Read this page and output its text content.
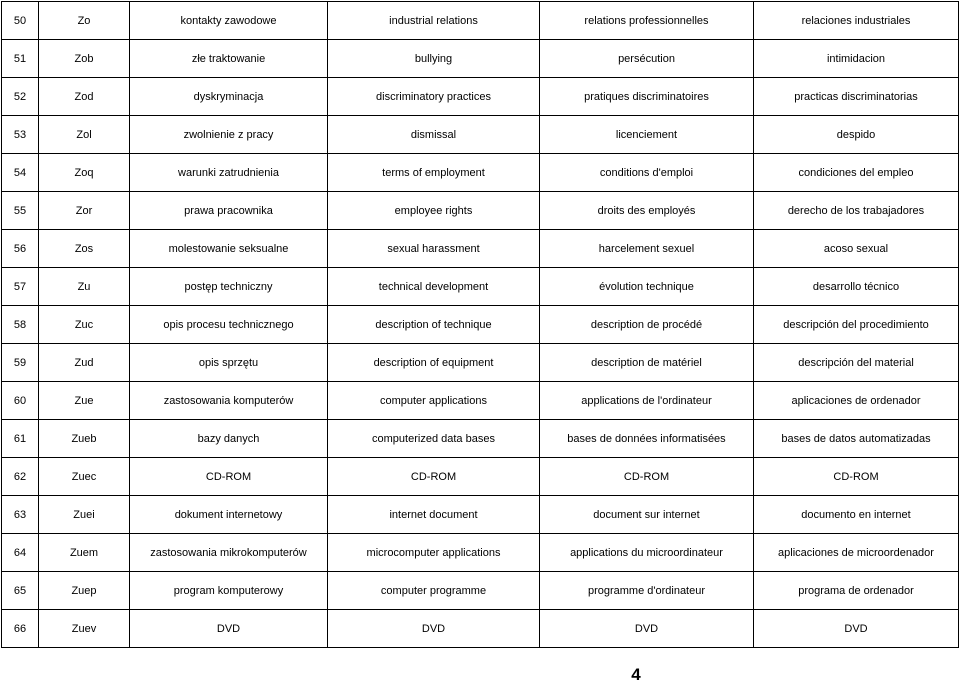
50	Zo	kontakty zawodowe	industrial relations	relations professionnelles	relaciones industriales
51	Zob	złe traktowanie	bullying	persécution	intimidacion
52	Zod	dyskryminacja	discriminatory practices	pratiques discriminatoires	practicas discriminatorias
53	Zol	zwolnienie z pracy	dismissal	licenciement	despido
54	Zoq	warunki zatrudnienia	terms of employment	conditions d'emploi	condiciones del empleo
55	Zor	prawa pracownika	employee rights	droits des employés	derecho de los trabajadores
56	Zos	molestowanie seksualne	sexual harassment	harcelement sexuel	acoso sexual
57	Zu	postęp techniczny	technical development	évolution technique	desarrollo técnico
58	Zuc	opis procesu technicznego	description of technique	description de procédé	descripción del procedimiento
59	Zud	opis sprzętu	description of equipment	description de matériel	descripción del material
60	Zue	zastosowania komputerów	computer applications	applications de l'ordinateur	aplicaciones de ordenador
61	Zueb	bazy danych	computerized data bases	bases de données informatisées	bases de datos automatizadas
62	Zuec	CD-ROM	CD-ROM	CD-ROM	CD-ROM
63	Zuei	dokument internetowy	internet document	document sur internet	documento en internet
64	Zuem	zastosowania mikrokomputerów	microcomputer applications	applications du microordinateur	aplicaciones de microordenador
65	Zuep	program komputerowy	computer programme	programme d'ordinateur	programa de ordenador
66	Zuev	DVD	DVD	DVD	DVD
4
